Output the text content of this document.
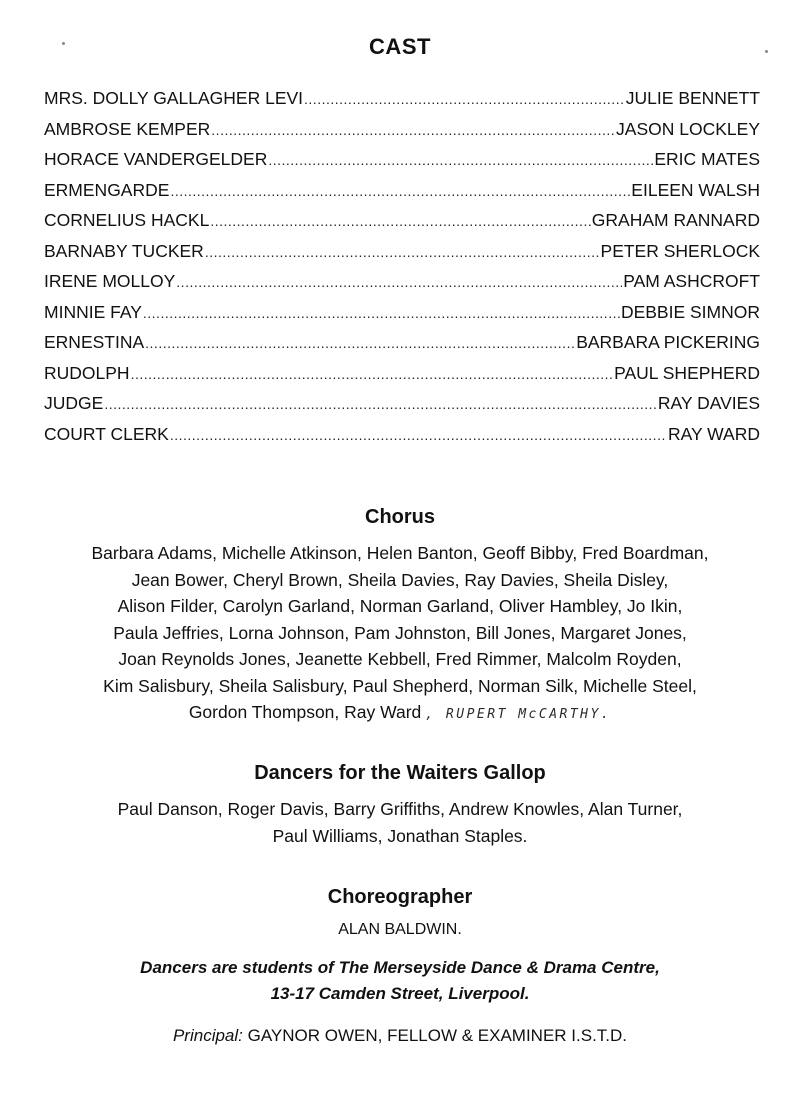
CAST
MRS. DOLLY GALLAGHER LEVI .....	JULIE BENNETT
AMBROSE KEMPER .....	JASON LOCKLEY
HORACE VANDERGELDER .....	ERIC MATES
ERMENGARDE .....	EILEEN WALSH
CORNELIUS HACKL .....	GRAHAM RANNARD
BARNABY TUCKER .....	PETER SHERLOCK
IRENE MOLLOY .....	PAM ASHCROFT
MINNIE FAY .....	DEBBIE SIMNOR
ERNESTINA .....	BARBARA PICKERING
RUDOLPH .....	PAUL SHEPHERD
JUDGE .....	RAY DAVIES
COURT CLERK .....	RAY WARD
Chorus
Barbara Adams, Michelle Atkinson, Helen Banton, Geoff Bibby, Fred Boardman,
Jean Bower, Cheryl Brown, Sheila Davies, Ray Davies, Sheila Disley,
Alison Filder, Carolyn Garland, Norman Garland, Oliver Hambley, Jo Ikin,
Paula Jeffries, Lorna Johnson, Pam Johnston, Bill Jones, Margaret Jones,
Joan Reynolds Jones, Jeanette Kebbell, Fred Rimmer, Malcolm Royden,
Kim Salisbury, Sheila Salisbury, Paul Shepherd, Norman Silk, Michelle Steel,
Gordon Thompson, Ray Ward , RUPERT McCARTHY.
Dancers for the Waiters Gallop
Paul Danson, Roger Davis, Barry Griffiths, Andrew Knowles, Alan Turner,
Paul Williams, Jonathan Staples.
Choreographer
ALAN BALDWIN.
Dancers are students of The Merseyside Dance & Drama Centre,
13-17 Camden Street, Liverpool.
Principal: GAYNOR OWEN, FELLOW & EXAMINER I.S.T.D.
